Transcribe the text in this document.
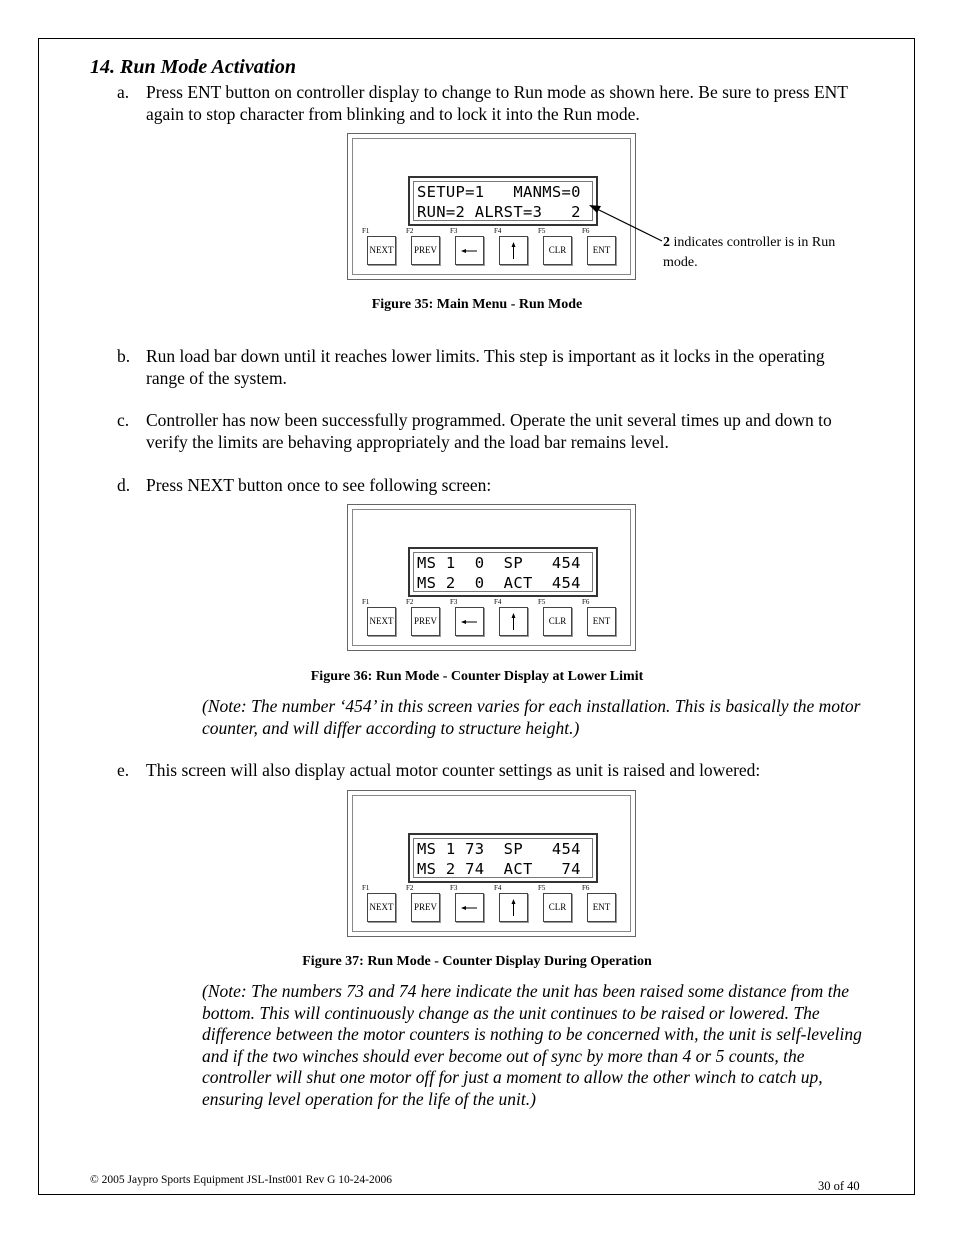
14. Run Mode Activation
a. Press ENT button on controller display to change to Run mode as shown here. Be sure to press ENT again to stop character from blinking and to lock it into the Run mode.
SETUP=1   MANMS=0
RUN=2 ALRST=3   2
F1
NEXT
F2
PREV
F3	F4	F5
CLR
F6
ENT	2 indicates controller is in Run mode.
Figure 35: Main Menu - Run Mode
b. Run load bar down until it reaches lower limits. This step is important as it locks in the operating range of the system.
c. Controller has now been successfully programmed. Operate the unit several times up and down to verify the limits are behaving appropriately and the load bar remains level.
d. Press NEXT button once to see following screen:
MS 1  0  SP   454
MS 2  0  ACT  454
F1
NEXT
F2
PREV
F3	F4	F5
CLR
F6
ENT
Figure 36: Run Mode - Counter Display at Lower Limit
(Note: The number ‘454’ in this screen varies for each installation. This is basically the motor counter, and will differ according to structure height.)
e. This screen will also display actual motor counter settings as unit is raised and lowered:
MS 1 73  SP   454
MS 2 74  ACT   74
F1
NEXT
F2
PREV
F3	F4	F5
CLR
F6
ENT
Figure 37: Run Mode - Counter Display During Operation
(Note: The numbers 73 and 74 here indicate the unit has been raised some distance from the bottom. This will continuously change as the unit continues to be raised or lowered. The difference between the motor counters is nothing to be concerned with, the unit is self-leveling and if the two winches should ever become out of sync by more than 4 or 5 counts, the controller will shut one motor off for just a moment to allow the other winch to catch up, ensuring level operation for the life of the unit.)
© 2005 Jaypro Sports Equipment JSL-Inst001 Rev G 10-24-2006	30 of 40
